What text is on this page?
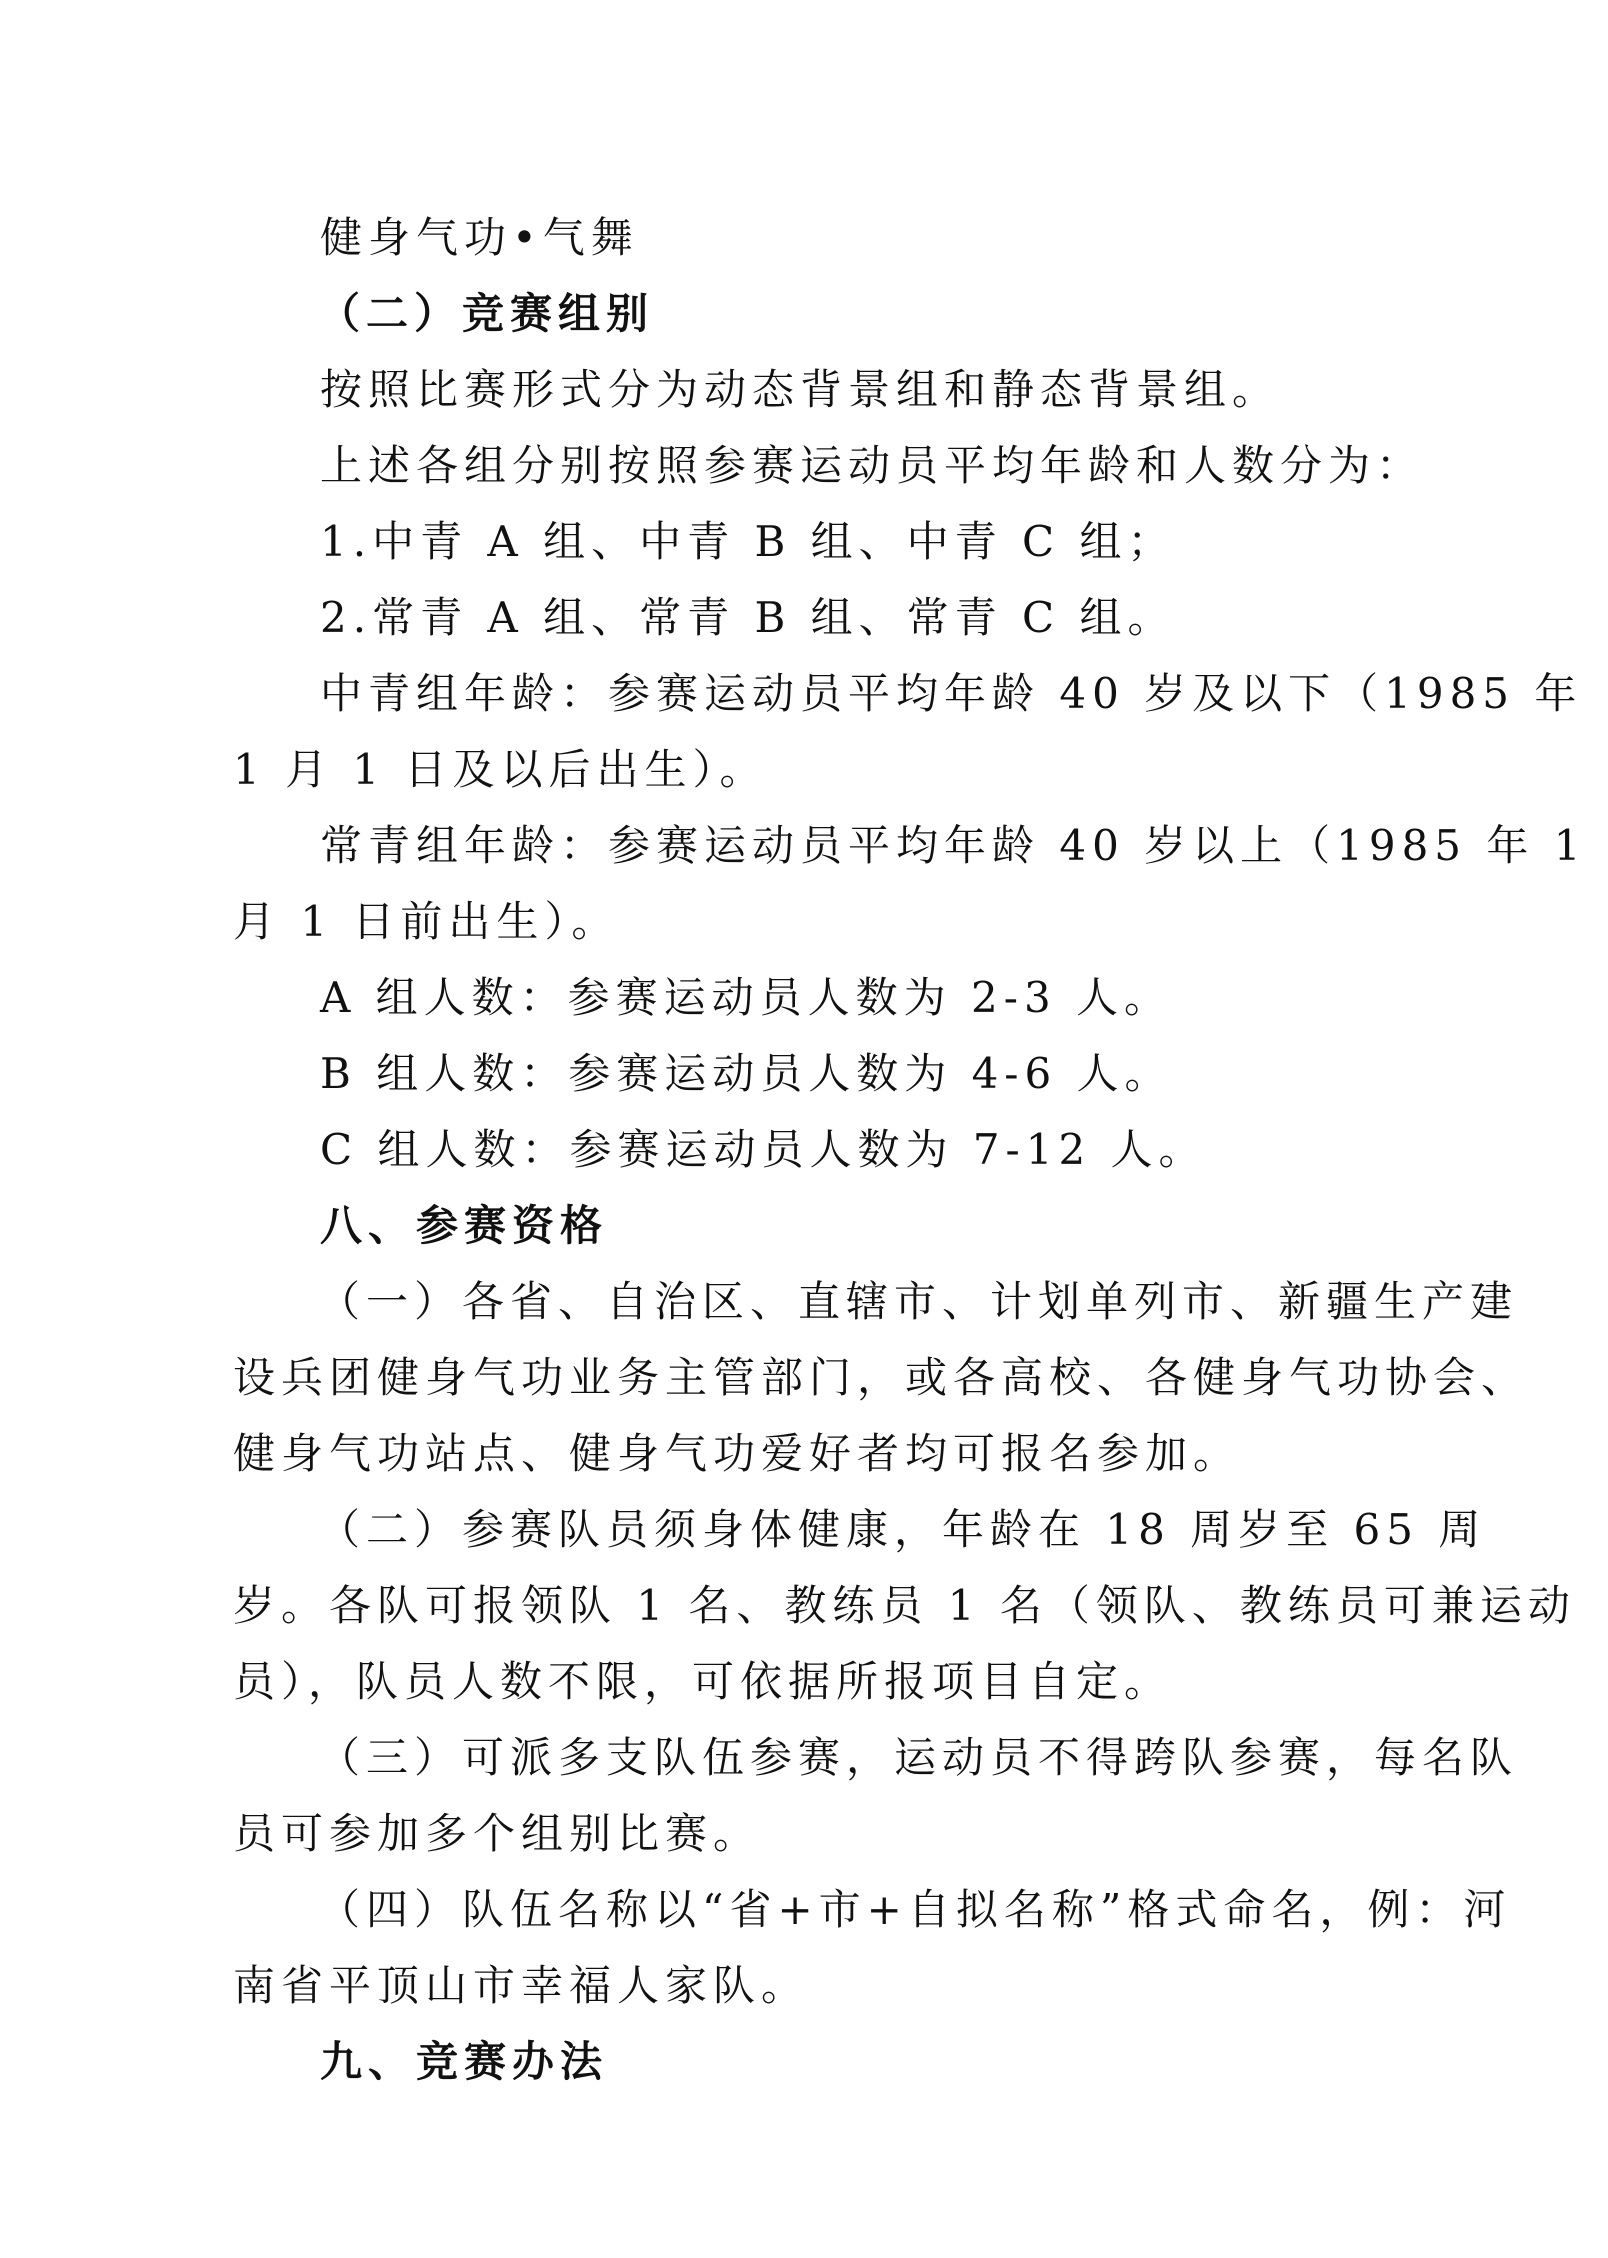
健身气功•气舞
（二）竞赛组别
按照比赛形式分为动态背景组和静态背景组。
上述各组分别按照参赛运动员平均年龄和人数分为：
1.中青 A 组、中青 B 组、中青 C 组；
2.常青 A 组、常青 B 组、常青 C 组。
中青组年龄：参赛运动员平均年龄 40 岁及以下（1985 年
1 月 1 日及以后出生）。
常青组年龄：参赛运动员平均年龄 40 岁以上（1985 年 1
月 1 日前出生）。
A 组人数：参赛运动员人数为 2-3 人。
B 组人数：参赛运动员人数为 4-6 人。
C 组人数：参赛运动员人数为 7-12 人。
八、参赛资格
（一）各省、自治区、直辖市、计划单列市、新疆生产建
设兵团健身气功业务主管部门，或各高校、各健身气功协会、
健身气功站点、健身气功爱好者均可报名参加。
（二）参赛队员须身体健康，年龄在 18 周岁至 65 周
岁。各队可报领队 1 名、教练员 1 名（领队、教练员可兼运动
员），队员人数不限，可依据所报项目自定。
（三）可派多支队伍参赛，运动员不得跨队参赛，每名队
员可参加多个组别比赛。
（四）队伍名称以“省+市+自拟名称”格式命名，例：河
南省平顶山市幸福人家队。
九、竞赛办法
